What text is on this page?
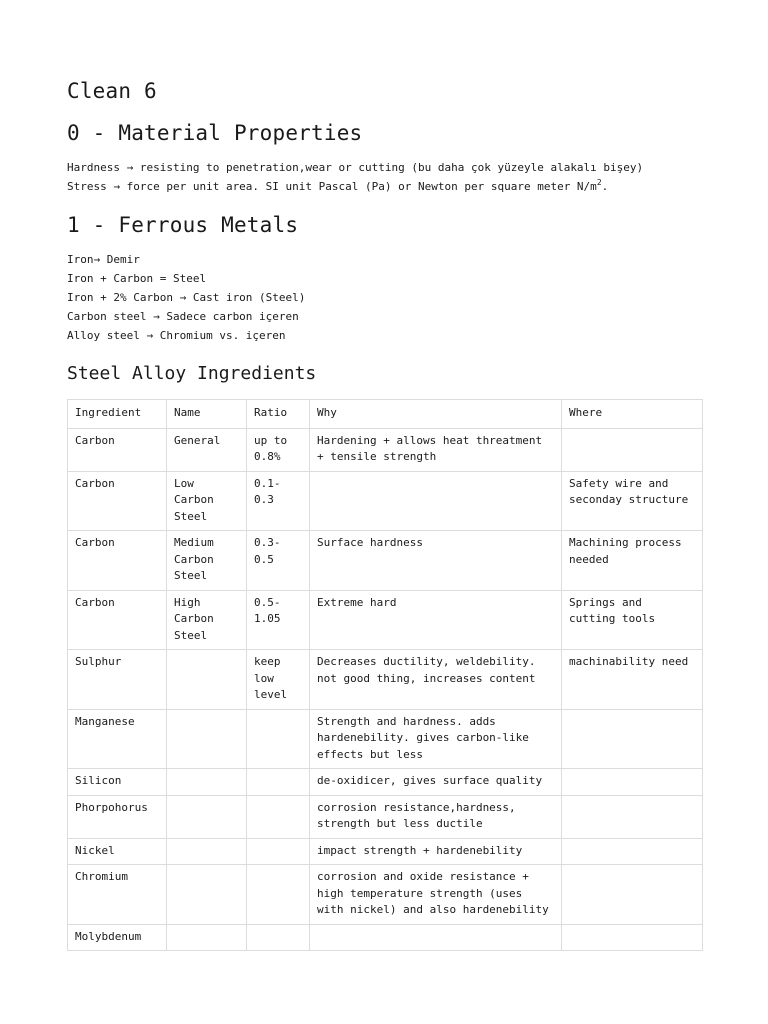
Clean 6
0 - Material Properties

Hardness → resisting to penetration,wear or cutting (bu daha çok yüzeyle alakalı bişey)

Stress → force per unit area. SI unit Pascal (Pa) or Newton per square meter $N/m^2$.

1 - Ferrous Metals

Iron→ Demir

Iron + Carbon = Steel

Iron + 2% Carbon → Cast iron (Steel)

Carbon steel → Sadece carbon içeren

Alloy steel → Chromium vs. içeren

Steel Alloy Ingredients
Ingredient	Name	Ratio	Why	Where
Carbon	General	up to 0.8%	Hardening + allows heat threatment + tensile strength	
Carbon	Low Carbon Steel	0.1- 0.3		Safety wire and seconday structure
Carbon	Medium Carbon Steel	0.3- 0.5	Surface hardness	Machining process needed
Carbon	High Carbon Steel	0.5- 1.05	Extreme hard	Springs and cutting tools
Sulphur		keep low level	Decreases ductility, weldebility. not good thing, increases content	machinability need
Manganese			Strength and hardness. adds hardenebility. gives carbon-like effects but less	
Silicon			de-oxidicer, gives surface quality	
Phorpohorus			corrosion resistance,hardness, strength but less ductile	
Nickel			impact strength + hardenebility	
Chromium			corrosion and oxide resistance + high temperature strength (uses with nickel) and also hardenebility	
Molybdenum				
